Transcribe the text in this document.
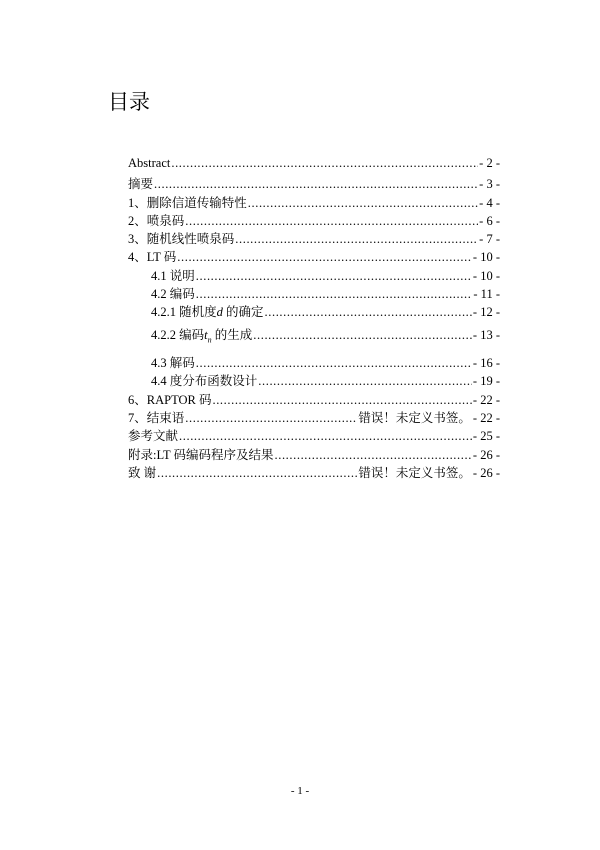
目录
Abstract .....	- 2 -
摘要 .....	- 3 -
1、删除信道传输特性 .....	- 4 -
2、喷泉码 .....	- 6 -
3、随机线性喷泉码 .....	- 7 -
4、LT 码 .....	- 10 -
4.1 说明 .....	- 10 -
4.2 编码 .....	- 11 -
4.2.1 随机度d 的确定 .....	- 12 -
4.2.2 编码$t_n$ 的生成 .....	- 13 -
4.3 解码 .....	- 16 -
4.4 度分布函数设计 .....	- 19 -
6、RAPTOR 码 .....	- 22 -
7、结束语 .....	错误！未定义书签。 - 22 -
参考文献 .....	- 25 -
附录:LT 码编码程序及结果 .....	- 26 -
致 谢 .....	错误！未定义书签。 - 26 -
- 1 -
